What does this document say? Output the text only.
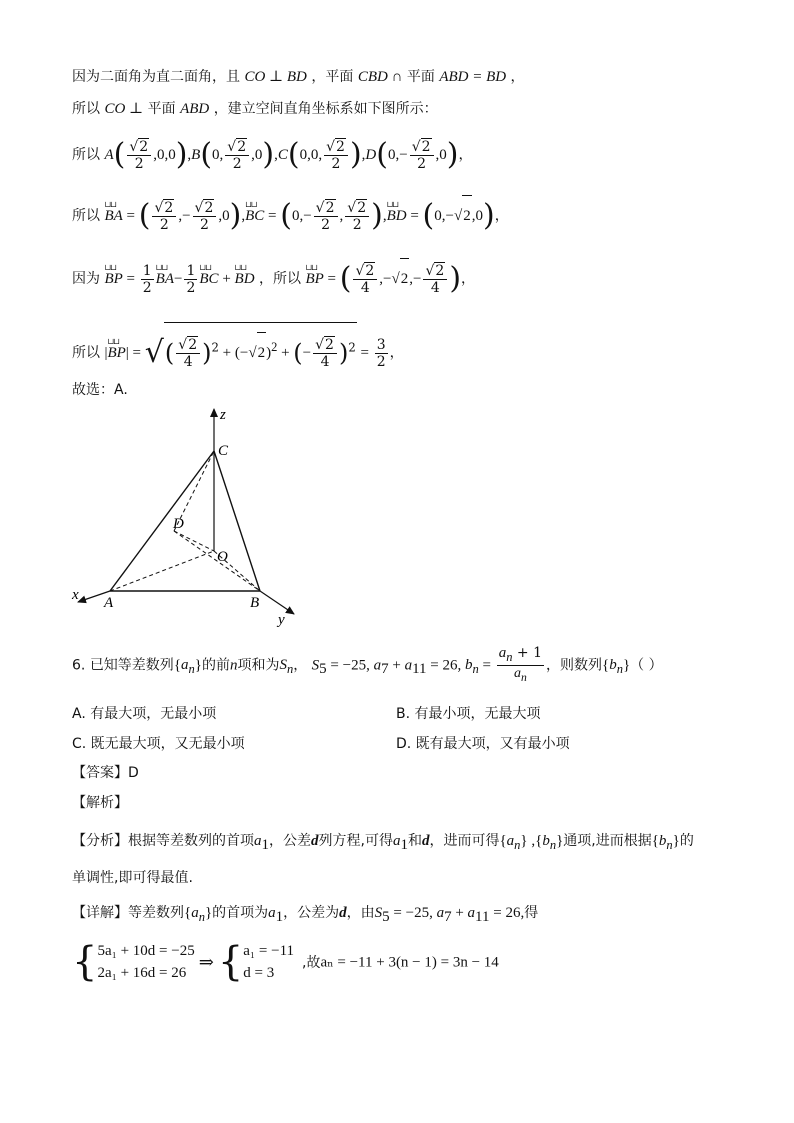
因为二面角为直二面角，且 CO ⊥ BD ，平面 CBD ∩ 平面 ABD = BD ，
所以 CO ⊥ 平面 ABD ，建立空间直角坐标系如下图所示：
所以 $A( \frac{√2}{2} ,0,0),B(0$, $\frac{√2}{2} ,0),C(0,0$, $\frac{√2}{2} ),D(0,- \frac{√2}{2} ,0)$，
所以 ⊔⊔ BA = ( $\frac{√2}{2}$ ,− $\frac{√2}{2}$ ,0),⊔⊔ BC = ($0,- \frac{√2}{2}$ , $\frac{√2}{2}$ ),⊔⊔ BD = (0,−√2,0)，
因为 ⊔⊔ BP = $\frac{1}{2}$ ⊔⊔ $BA- \frac{1}{2}$ ⊔⊔ BC + ⊔⊔ BD ，所以 ⊔⊔ BP = ( $\frac{√2}{4} ,-√2,- \frac{√2}{4}$ )，
所以 |⊔⊔ BP| = √( $\frac{√2}{4} )^2 + (-√2)^2$ + (− $\frac{√2}{4} )^2 = \frac{3}{2}$ ，
故选：A.
z
C
D
O
x A	B
y
6. 已知等差数列$\{a_n\}$的前n项和为$S_n$， $S_5 = -25$, $a_7 + a_{11} = 26$, $b_n = \frac{a_n + 1}{a_n}$ ，则数列$\{b_n\}$（ ）
A. 有最大项，无最小项	B. 有最小项，无最大项
C. 既无最大项，又无最小项	D. 既有最大项，又有最小项
【答案】D
【解析】
【分析】根据等差数列的首项$a_1$，公差d列方程,可得$a_1$和d，进而可得$\{a_n\}$ $,\{b_n\}$通项,进而根据$\{b_n\}$的
单调性,即可得最值.
【详解】等差数列$\{a_n\}$的首项为$a_1$，公差为d，由$S_5 = -25$, $a_7 + a_{11} = 26$,得
{ 5a₁ + 10d = −25
2a₁ + 16d = 26
⇒ { a₁ = −11
d = 3
,故aₙ = −11 + 3(n − 1) = 3n − 14
